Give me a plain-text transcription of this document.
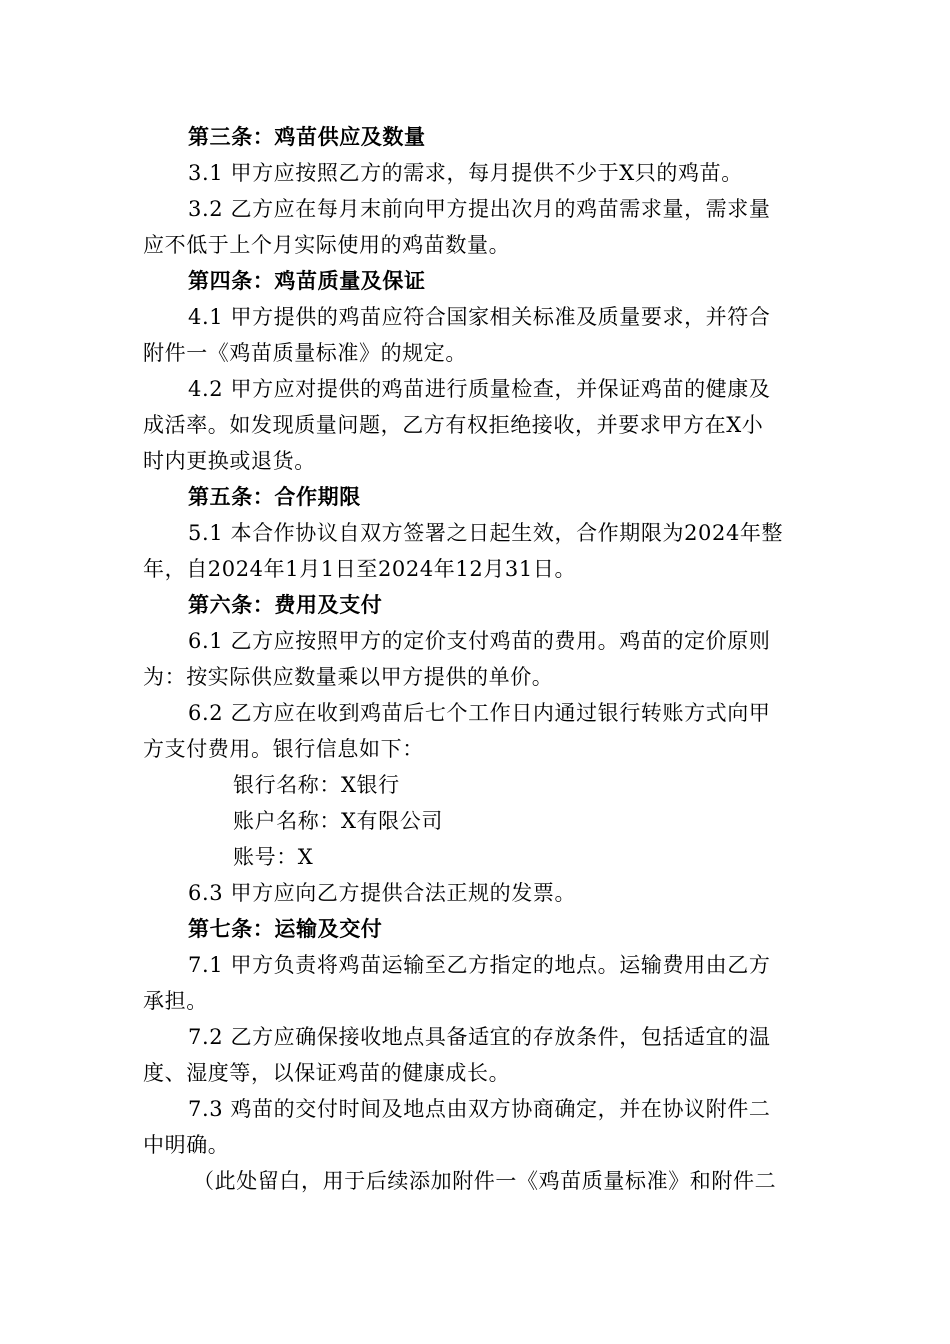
第三条：鸡苗供应及数量
3.1 甲方应按照乙方的需求，每月提供不少于X只的鸡苗。
3.2 乙方应在每月末前向甲方提出次月的鸡苗需求量，需求量
应不低于上个月实际使用的鸡苗数量。
第四条：鸡苗质量及保证
4.1 甲方提供的鸡苗应符合国家相关标准及质量要求，并符合
附件一《鸡苗质量标准》的规定。
4.2 甲方应对提供的鸡苗进行质量检查，并保证鸡苗的健康及
成活率。如发现质量问题，乙方有权拒绝接收，并要求甲方在X小
时内更换或退货。
第五条：合作期限
5.1 本合作协议自双方签署之日起生效，合作期限为2024年整
年，自2024年1月1日至2024年12月31日。
第六条：费用及支付
6.1 乙方应按照甲方的定价支付鸡苗的费用。鸡苗的定价原则
为：按实际供应数量乘以甲方提供的单价。
6.2 乙方应在收到鸡苗后七个工作日内通过银行转账方式向甲
方支付费用。银行信息如下：
银行名称：X银行
账户名称：X有限公司
账号：X
6.3 甲方应向乙方提供合法正规的发票。
第七条：运输及交付
7.1 甲方负责将鸡苗运输至乙方指定的地点。运输费用由乙方
承担。
7.2 乙方应确保接收地点具备适宜的存放条件，包括适宜的温
度、湿度等，以保证鸡苗的健康成长。
7.3 鸡苗的交付时间及地点由双方协商确定，并在协议附件二
中明确。
（此处留白，用于后续添加附件一《鸡苗质量标准》和附件二
